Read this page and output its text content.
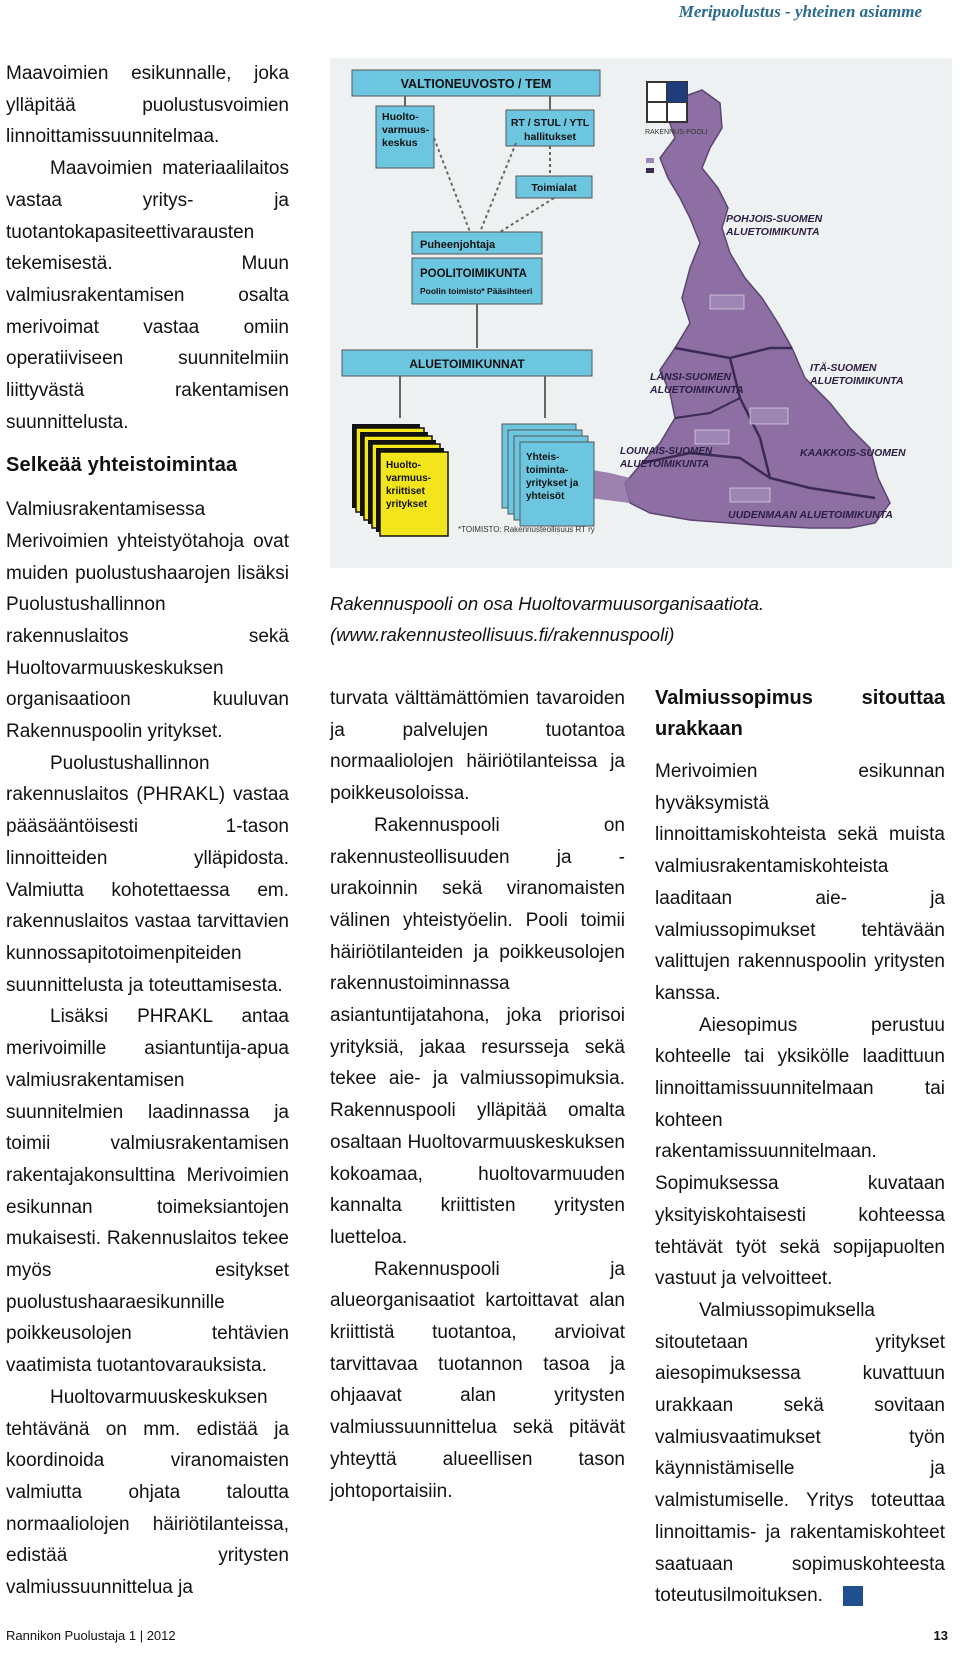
Meripuolustus - yhteinen asiamme

Maavoimien esikunnalle, joka ylläpitää puolustusvoimien linnoittamissuunnitelmaa.

Maavoimien materiaalilaitos vastaa yritys- ja tuotantokapasiteettivarausten tekemisestä. Muun valmiusrakentamisen osalta merivoimat vastaa omiin operatiiviseen suunnitelmiin liittyvästä rakentamisen suunnittelusta.

Selkeää yhteistoimintaa

Valmiusrakentamisessa Merivoimien yhteistyötahoja ovat muiden puolustushaarojen lisäksi Puolustushallinnon rakennuslaitos sekä Huoltovarmuuskeskuksen organisaatioon kuuluvan Rakennuspoolin yritykset.

Puolustushallinnon rakennuslaitos (PHRAKL) vastaa pääsääntöisesti 1-tason linnoitteiden ylläpidosta. Valmiutta kohotettaessa em. rakennuslaitos vastaa tarvittavien kunnossapitotoimenpiteiden suunnittelusta ja toteuttamisesta.

Lisäksi PHRAKL antaa merivoimille asiantuntija-apua valmiusrakentamisen suunnitelmien laadinnassa ja toimii valmiusrakentamisen rakentajakonsulttina Merivoimien esikunnan toimeksiantojen mukaisesti. Rakennuslaitos tekee myös esitykset puolustushaaraesikunnille poikkeusolojen tehtävien vaatimista tuotantovarauksista.

Huoltovarmuuskeskuksen tehtävänä on mm. edistää ja koordinoida viranomaisten valmiutta ohjata taloutta normaaliolojen häiriötilanteissa, edistää yritysten valmiussuunnittelua ja

POHJOIS-SUOMEN
ALUETOIMIKUNTA
LÄNSI-SUOMEN
ALUETOIMIKUNTA
ITÄ-SUOMEN
ALUETOIMIKUNTA
KAAKKOIS-SUOMEN
LOUNAIS-SUOMEN
ALUETOIMIKUNTA
UUDENMAAN ALUETOIMIKUNTA
RAKENNUS-POOLI
VALTIONEUVOSTO / TEM
Huolto-
varmuus-
keskus
RT / STUL / YTL
hallitukset
Toimialat
Puheenjohtaja
POOLITOIMIKUNTA
Poolin toimisto* Pääsihteeri
ALUETOIMIKUNNAT
Huolto-
varmuus-
kriittiset
yritykset
Yhteis-
toiminta-
yritykset ja
yhteisöt
*TOIMISTO: Rakennusteollisuus RT ry
Rakennuspooli on osa Huoltovarmuusorganisaatiota.
(www.rakennusteollisuus.fi/rakennuspooli)

turvata välttämättömien tavaroiden ja palvelujen tuotantoa normaaliolojen häiriötilanteissa ja poikkeusoloissa.

Rakennuspooli on rakennusteollisuuden ja -urakoinnin sekä viranomaisten välinen yhteistyöelin. Pooli toimii häiriötilanteiden ja poikkeusolojen rakennustoiminnassa asiantuntijatahona, joka priorisoi yrityksiä, jakaa resursseja sekä tekee aie- ja valmiussopimuksia. Rakennuspooli ylläpitää omalta osaltaan Huoltovarmuuskeskuksen kokoamaa, huoltovarmuuden kannalta kriittisten yritysten luetteloa.

Rakennuspooli ja alueorganisaatiot kartoittavat alan kriittistä tuotantoa, arvioivat tarvittavaa tuotannon tasoa ja ohjaavat alan yritysten valmiussuunnittelua sekä pitävät yhteyttä alueellisen tason johtoportaisiin.

Valmiussopimus sitouttaa urakkaan

Merivoimien esikunnan hyväksymistä linnoittamiskohteista sekä muista valmiusrakentamiskohteista laaditaan aie- ja valmiussopimukset tehtävään valittujen rakennuspoolin yritysten kanssa.

Aiesopimus perustuu kohteelle tai yksikölle laadittuun linnoittamissuunnitelmaan tai kohteen rakentamissuunnitelmaan. Sopimuksessa kuvataan yksityiskohtaisesti kohteessa tehtävät työt sekä sopijapuolten vastuut ja velvoitteet.

Valmiussopimuksella sitoutetaan yritykset aiesopimuksessa kuvattuun urakkaan sekä sovitaan valmiusvaatimukset työn käynnistämiselle ja valmistumiselle. Yritys toteuttaa linnoittamis- ja rakentamiskohteet saatuaan sopimuskohteesta toteutusilmoituksen.

Rannikon Puolustaja 1 | 2012	13
